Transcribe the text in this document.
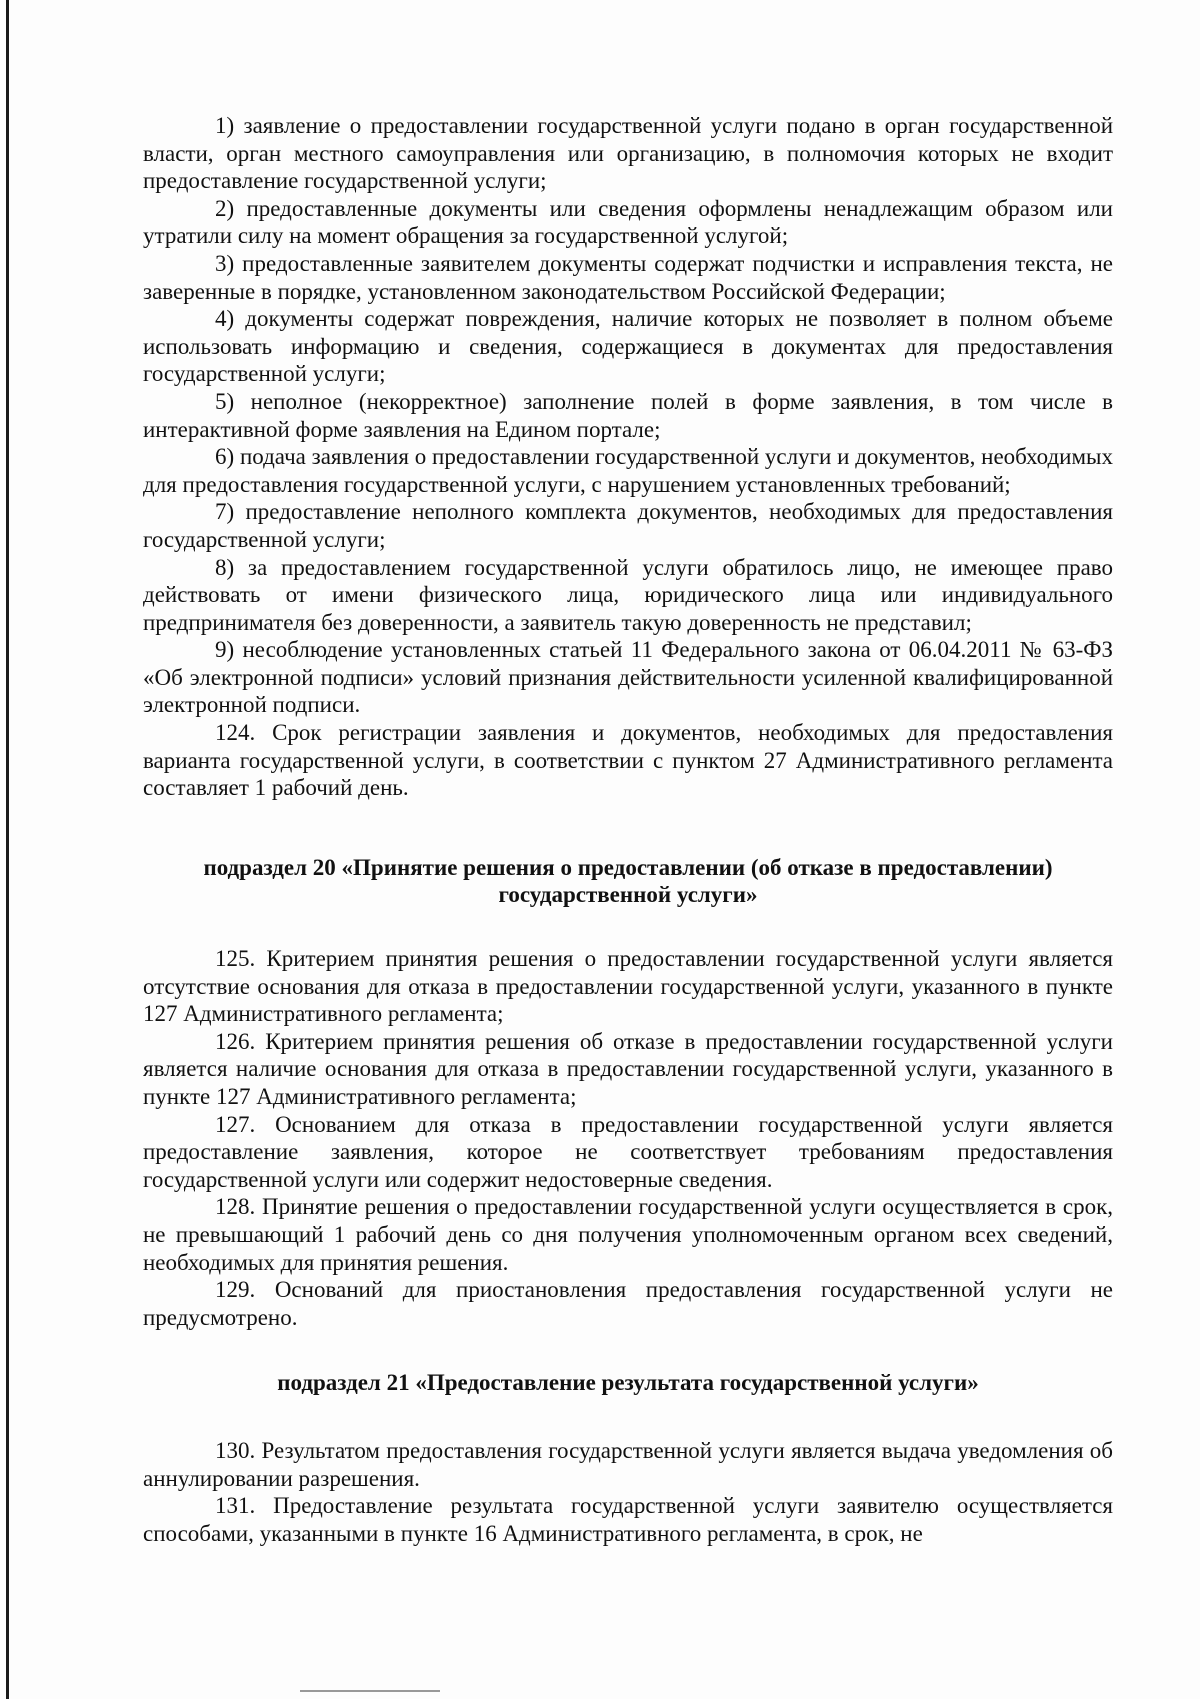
1) заявление о предоставлении государственной услуги подано в орган государственной власти, орган местного самоуправления или организацию, в полномочия которых не входит предоставление государственной услуги;

2) предоставленные документы или сведения оформлены ненадлежащим образом или утратили силу на момент обращения за государственной услугой;

3) предоставленные заявителем документы содержат подчистки и исправления текста, не заверенные в порядке, установленном законодательством Российской Федерации;

4) документы содержат повреждения, наличие которых не позволяет в полном объеме использовать информацию и сведения, содержащиеся в документах для предоставления государственной услуги;

5) неполное (некорректное) заполнение полей в форме заявления, в том числе в интерактивной форме заявления на Едином портале;

6) подача заявления о предоставлении государственной услуги и документов, необходимых для предоставления государственной услуги, с нарушением установленных требований;

7) предоставление неполного комплекта документов, необходимых для предоставления государственной услуги;

8) за предоставлением государственной услуги обратилось лицо, не имеющее право действовать от имени физического лица, юридического лица или индивидуального предпринимателя без доверенности, а заявитель такую доверенность не представил;

9) несоблюдение установленных статьей 11 Федерального закона от 06.04.2011 № 63-ФЗ «Об электронной подписи» условий признания действительности усиленной квалифицированной электронной подписи.

124. Срок регистрации заявления и документов, необходимых для предоставления варианта государственной услуги, в соответствии с пунктом 27 Административного регламента составляет 1 рабочий день.

подраздел 20 «Принятие решения о предоставлении (об отказе в предоставлении) государственной услуги»

125. Критерием принятия решения о предоставлении государственной услуги является отсутствие основания для отказа в предоставлении государственной услуги, указанного в пункте 127 Административного регламента;

126. Критерием принятия решения об отказе в предоставлении государственной услуги является наличие основания для отказа в предоставлении государственной услуги, указанного в пункте 127 Административного регламента;

127. Основанием для отказа в предоставлении государственной услуги является предоставление заявления, которое не соответствует требованиям предоставления государственной услуги или содержит недостоверные сведения.

128. Принятие решения о предоставлении государственной услуги осуществляется в срок, не превышающий 1 рабочий день со дня получения уполномоченным органом всех сведений, необходимых для принятия решения.

129. Оснований для приостановления предоставления государственной услуги не предусмотрено.

подраздел 21 «Предоставление результата государственной услуги»

130. Результатом предоставления государственной услуги является выдача уведомления об аннулировании разрешения.

131. Предоставление результата государственной услуги заявителю осуществляется способами, указанными в пункте 16 Административного регламента, в срок, не
